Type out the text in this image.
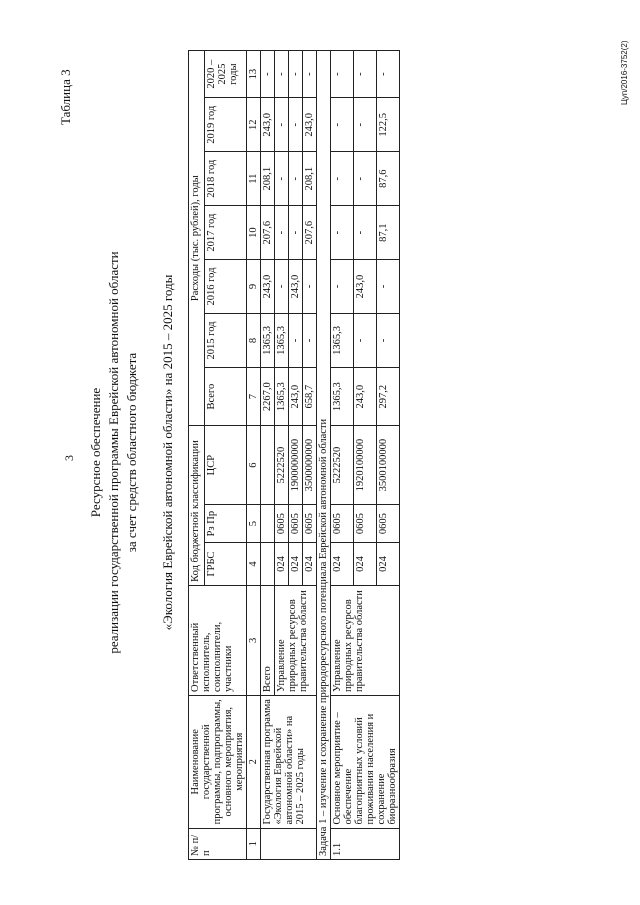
3
Таблица 3
Ресурсное обеспечение реализации государственной программы Еврейской автономной области за счет средств областного бюджета «Экология Еврейской автономной области» на 2015 – 2025 годы
№ п/п	Наименование государственной программы, подпрограммы, основного мероприятия, мероприятия	Ответственный исполнитель, соисполнители, участники	Код бюджетной классификации			Расходы (тыс. рублей), годы						
			ГРБС	Рз Пр	ЦСР	Всего	2015 год	2016 год	2017 год	2018 год	2019 год	2020 – 2025 годы
1	2	3	4	5	6	7	8	9	10	11	12	13
	Государственная программа «Экология Еврейской автономной области» на 2015 – 2025 годы	Всего				2267,0	1365,3	243,0	207,6	208,1	243,0	-
		Управление природных ресурсов правительства области	024	0605	5222520	1365,3	1365,3	-	-	-	-	-
			024	0605	1900000000	243,0	-	243,0	-	-	-	-
			024	0605	3500000000	658,7	-	-	207,6	208,1	243,0	-
Задача 1 – изучение и сохранение природоресурсного потенциала Еврейской автономной области												
1.1	Основное мероприятие – обеспечение благоприятных условий проживания населения и сохранение биоразнообразия	Управление природных ресурсов правительства области	024	0605	5222520	1365,3	1365,3	-	-	-	-	-
			024	0605	1920100000	243,0	-	243,0	-	-	-	-
			024	0605	3500100000	297,2	-	-	87,1	87,6	122,5	-	Цуп/2016-3752(2)
